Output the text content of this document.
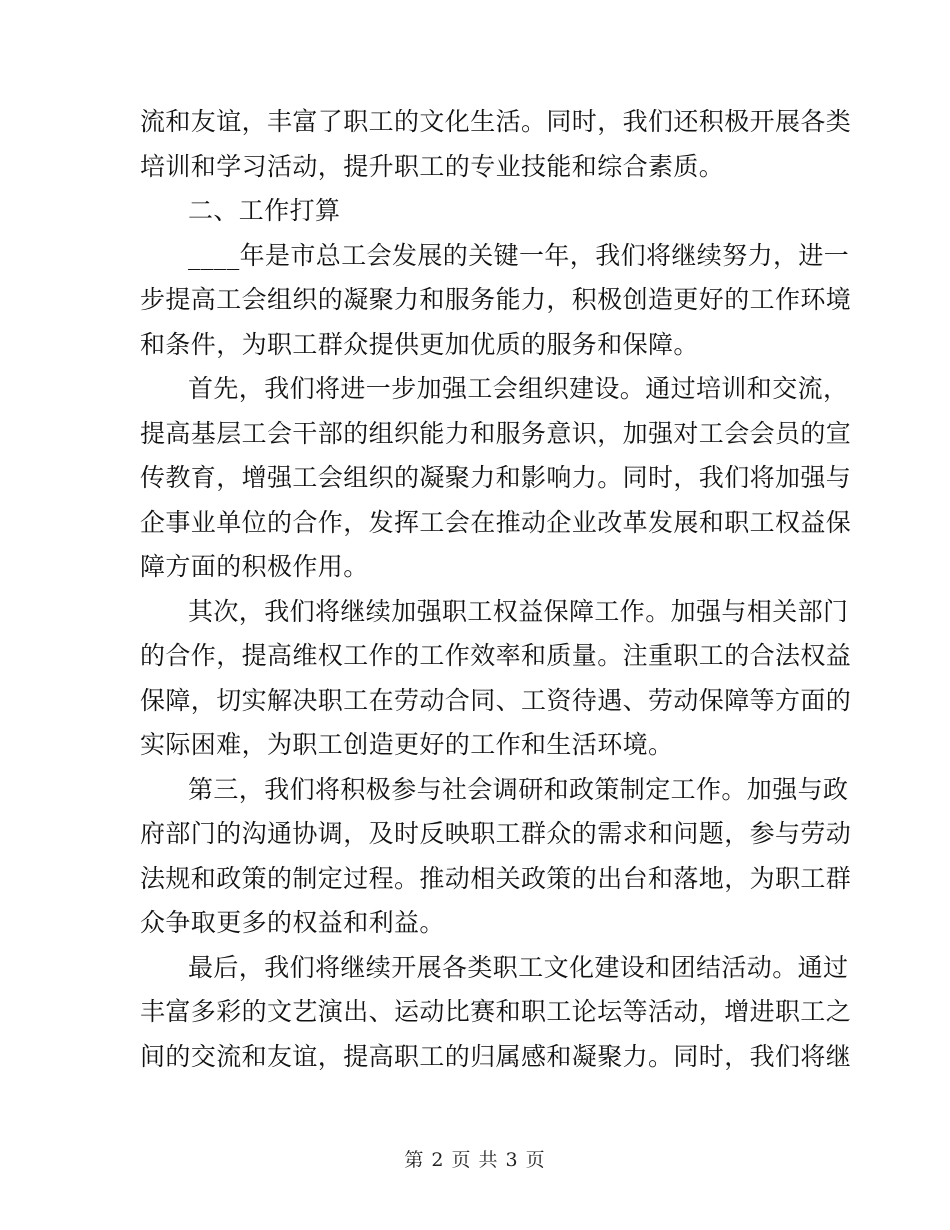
流和友谊，丰富了职工的文化生活。同时，我们还积极开展各类
培训和学习活动，提升职工的专业技能和综合素质。
二、工作打算
____年是市总工会发展的关键一年，我们将继续努力，进一
步提高工会组织的凝聚力和服务能力，积极创造更好的工作环境
和条件，为职工群众提供更加优质的服务和保障。
首先，我们将进一步加强工会组织建设。通过培训和交流，
提高基层工会干部的组织能力和服务意识，加强对工会会员的宣
传教育，增强工会组织的凝聚力和影响力。同时，我们将加强与
企事业单位的合作，发挥工会在推动企业改革发展和职工权益保
障方面的积极作用。
其次，我们将继续加强职工权益保障工作。加强与相关部门
的合作，提高维权工作的工作效率和质量。注重职工的合法权益
保障，切实解决职工在劳动合同、工资待遇、劳动保障等方面的
实际困难，为职工创造更好的工作和生活环境。
第三，我们将积极参与社会调研和政策制定工作。加强与政
府部门的沟通协调，及时反映职工群众的需求和问题，参与劳动
法规和政策的制定过程。推动相关政策的出台和落地，为职工群
众争取更多的权益和利益。
最后，我们将继续开展各类职工文化建设和团结活动。通过
丰富多彩的文艺演出、运动比赛和职工论坛等活动，增进职工之
间的交流和友谊，提高职工的归属感和凝聚力。同时，我们将继
第 2 页 共 3 页
